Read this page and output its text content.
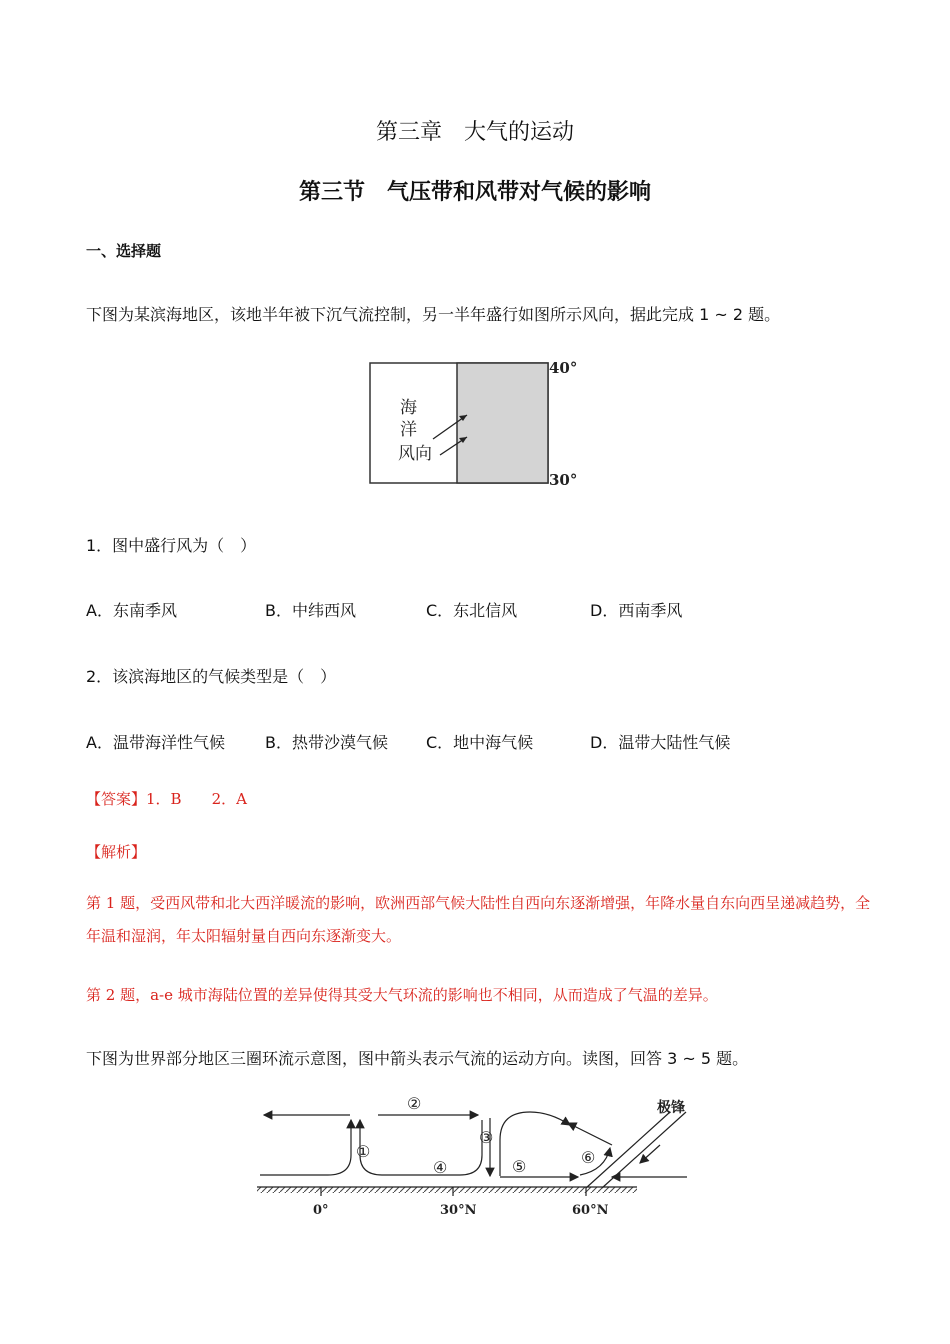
第三章　大气的运动
第三节　气压带和风带对气候的影响
一、选择题
下图为某滨海地区，该地半年被下沉气流控制，另一半年盛行如图所示风向，据此完成 1 ~ 2 题。
海
洋
风向
40°
30°
1．图中盛行风为（　）
A．东南季风	B．中纬西风	C．东北信风	D．西南季风
2．该滨海地区的气候类型是（　）
A．温带海洋性气候	B．热带沙漠气候 C．地中海气候	D．温带大陆性气候
【答案】1．B　　2．A
【解析】
第 1 题，受西风带和北大西洋暖流的影响，欧洲西部气候大陆性自西向东逐渐增强，年降水量自东向西呈递减趋势，全年温和湿润，年太阳辐射量自西向东逐渐变大。
第 2 题，a-e 城市海陆位置的差异使得其受大气环流的影响也不相同，从而造成了气温的差异。
下图为世界部分地区三圈环流示意图，图中箭头表示气流的运动方向。读图，回答 3 ~ 5 题。
①
②
③
④	⑤	⑥
极锋
0°	30°N	60°N
